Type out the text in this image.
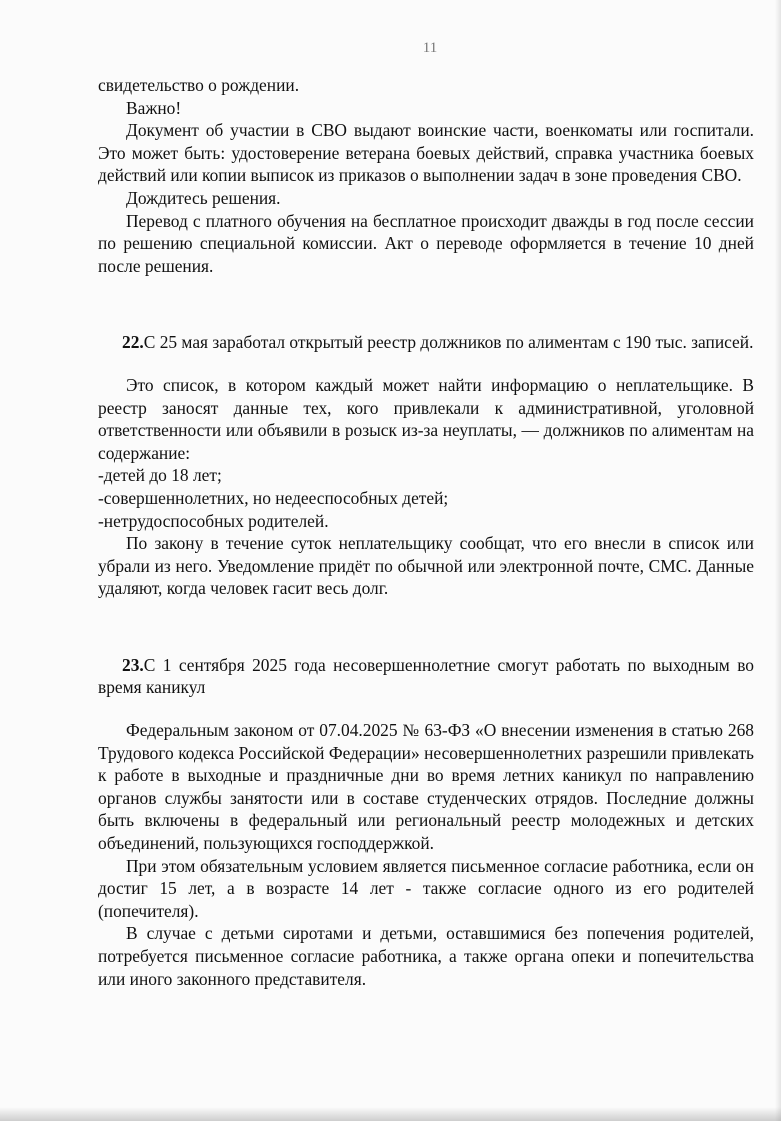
11

свидетельство о рождении.

Важно!

Документ об участии в СВО выдают воинские части, военкоматы или госпитали. Это может быть: удостоверение ветерана боевых действий, справка участника боевых действий или копии выписок из приказов о выполнении задач в зоне проведения СВО.

Дождитесь решения.

Перевод с платного обучения на бесплатное происходит дважды в год после сессии по решению специальной комиссии. Акт о переводе оформляется в течение 10 дней после решения.

22.С 25 мая заработал открытый реестр должников по алиментам с 190 тыс. записей.

Это список, в котором каждый может найти информацию о неплательщике. В реестр заносят данные тех, кого привлекали к административной, уголовной ответственности или объявили в розыск из-за неуплаты, — должников по алиментам на содержание:

-детей до 18 лет;

-совершеннолетних, но недееспособных детей;

-нетрудоспособных родителей.

По закону в течение суток неплательщику сообщат, что его внесли в список или убрали из него. Уведомление придёт по обычной или электронной почте, СМС. Данные удаляют, когда человек гасит весь долг.

23.С 1 сентября 2025 года несовершеннолетние смогут работать по выходным во время каникул

Федеральным законом от 07.04.2025 № 63-ФЗ «О внесении изменения в статью 268 Трудового кодекса Российской Федерации» несовершеннолетних разрешили привлекать к работе в выходные и праздничные дни во время летних каникул по направлению органов службы занятости или в составе студенческих отрядов. Последние должны быть включены в федеральный или региональный реестр молодежных и детских объединений, пользующихся господдержкой.

При этом обязательным условием является письменное согласие работника, если он достиг 15 лет, а в возрасте 14 лет - также согласие одного из его родителей (попечителя).

В случае с детьми сиротами и детьми, оставшимися без попечения родителей, потребуется письменное согласие работника, а также органа опеки и попечительства или иного законного представителя.
